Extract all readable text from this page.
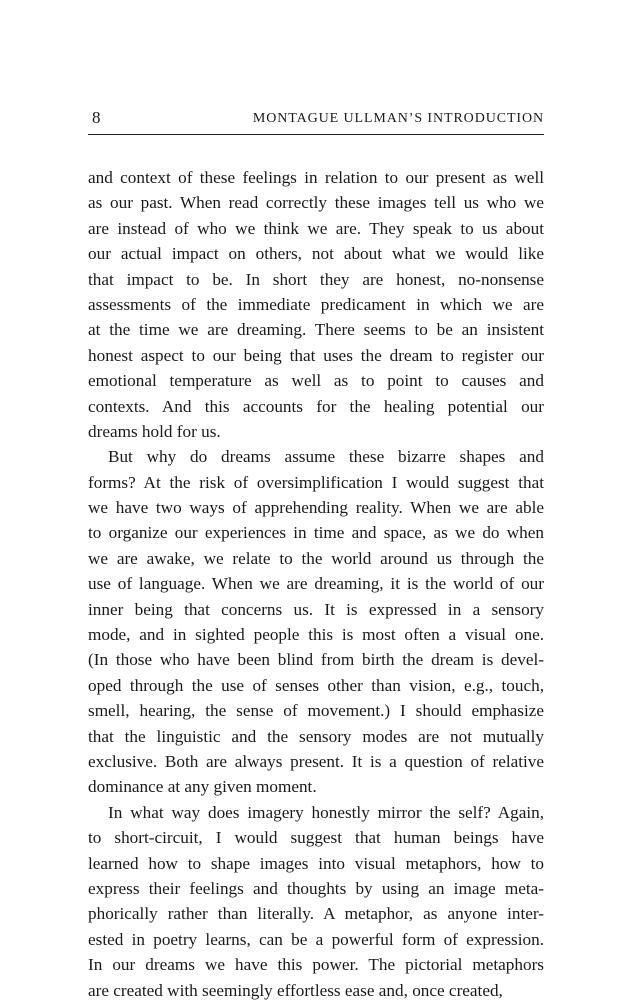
8	MONTAGUE ULLMAN’S INTRODUCTION

and context of these feelings in relation to our present as well
as our past. When read correctly these images tell us who we
are instead of who we think we are. They speak to us about
our actual impact on others, not about what we would like
that impact to be. In short they are honest, no-nonsense
assessments of the immediate predicament in which we are
at the time we are dreaming. There seems to be an insistent
honest aspect to our being that uses the dream to register our
emotional temperature as well as to point to causes and
contexts. And this accounts for the healing potential our
dreams hold for us.

But why do dreams assume these bizarre shapes and
forms? At the risk of oversimplification I would suggest that
we have two ways of apprehending reality. When we are able
to organize our experiences in time and space, as we do when
we are awake, we relate to the world around us through the
use of language. When we are dreaming, it is the world of our
inner being that concerns us. It is expressed in a sensory
mode, and in sighted people this is most often a visual one.
(In those who have been blind from birth the dream is devel-
oped through the use of senses other than vision, e.g., touch,
smell, hearing, the sense of movement.) I should emphasize
that the linguistic and the sensory modes are not mutually
exclusive. Both are always present. It is a question of relative
dominance at any given moment.

In what way does imagery honestly mirror the self? Again,
to short-circuit, I would suggest that human beings have
learned how to shape images into visual metaphors, how to
express their feelings and thoughts by using an image meta-
phorically rather than literally. A metaphor, as anyone inter-
ested in poetry learns, can be a powerful form of expression.
In our dreams we have this power. The pictorial metaphors
are created with seemingly effortless ease and, once created,
